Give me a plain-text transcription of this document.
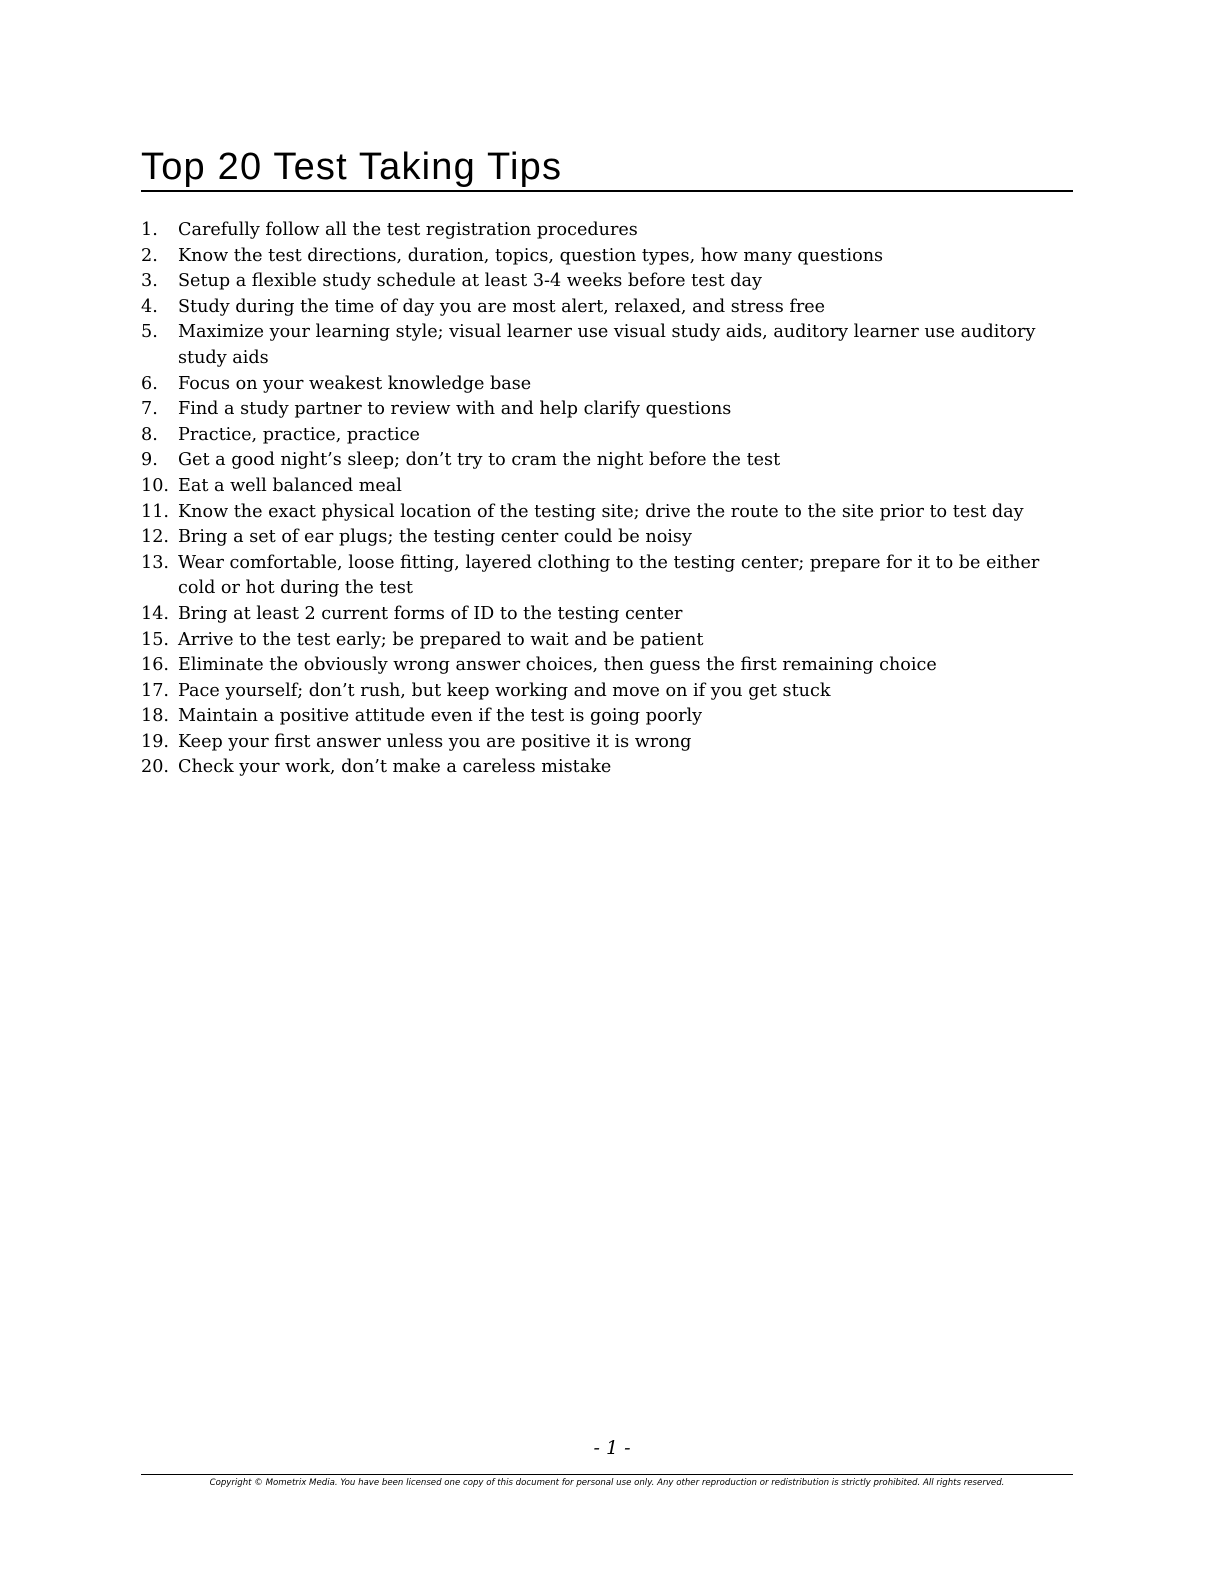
Top 20 Test Taking Tips
1. Carefully follow all the test registration procedures
2. Know the test directions, duration, topics, question types, how many questions
3. Setup a flexible study schedule at least 3-4 weeks before test day
4. Study during the time of day you are most alert, relaxed, and stress free
5. Maximize your learning style; visual learner use visual study aids, auditory learner use auditory study aids
6. Focus on your weakest knowledge base
7. Find a study partner to review with and help clarify questions
8. Practice, practice, practice
9. Get a good night’s sleep; don’t try to cram the night before the test
10. Eat a well balanced meal
11. Know the exact physical location of the testing site; drive the route to the site prior to test day
12. Bring a set of ear plugs; the testing center could be noisy
13. Wear comfortable, loose fitting, layered clothing to the testing center; prepare for it to be either cold or hot during the test
14. Bring at least 2 current forms of ID to the testing center
15. Arrive to the test early; be prepared to wait and be patient
16. Eliminate the obviously wrong answer choices, then guess the first remaining choice
17. Pace yourself; don’t rush, but keep working and move on if you get stuck
18. Maintain a positive attitude even if the test is going poorly
19. Keep your first answer unless you are positive it is wrong
20. Check your work, don’t make a careless mistake
- 1 -
Copyright © Mometrix Media. You have been licensed one copy of this document for personal use only. Any other reproduction or redistribution is strictly prohibited. All rights reserved.
